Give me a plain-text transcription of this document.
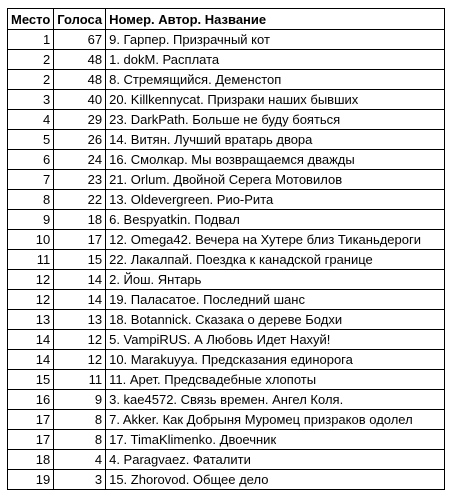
Место	Голоса	Номер. Автор. Название
1	67	9. Гарпер. Призрачный кот
2	48	1. dokM. Расплата
2	48	8. Стремящийся. Деменстоп
3	40	20. Killkennycat. Призраки наших бывших
4	29	23. DarkPath. Больше не буду бояться
5	26	14. Витян. Лучший вратарь двора
6	24	16. Смолкар. Мы возвращаемся дважды
7	23	21. Orlum. Двойной Серега Мотовилов
8	22	13. Oldevergreen. Рио-Рита
9	18	6. Bespyatkin. Подвал
10	17	12. Omega42. Вечера на Хутере близ Тиканьдероги
11	15	22. Лакалпай. Поездка к канадской границе
12	14	2. Йош. Янтарь
12	14	19. Паласатое. Последний шанс
13	13	18. Botannick. Сказака о дереве Бодхи
14	12	5. VampiRUS. А Любовь Идет Нахуй!
14	12	10. Marakuyya. Предсказания единорога
15	11	11. Арет. Предсвадебные хлопоты
16	9	3. kae4572. Связь времен. Ангел Коля.
17	8	7. Akker. Как Добрыня Муромец призраков одолел
17	8	17. TimaKlimenko. Двоечник
18	4	4. Paragvaez. Фаталити
19	3	15. Zhorovod. Общее дело
